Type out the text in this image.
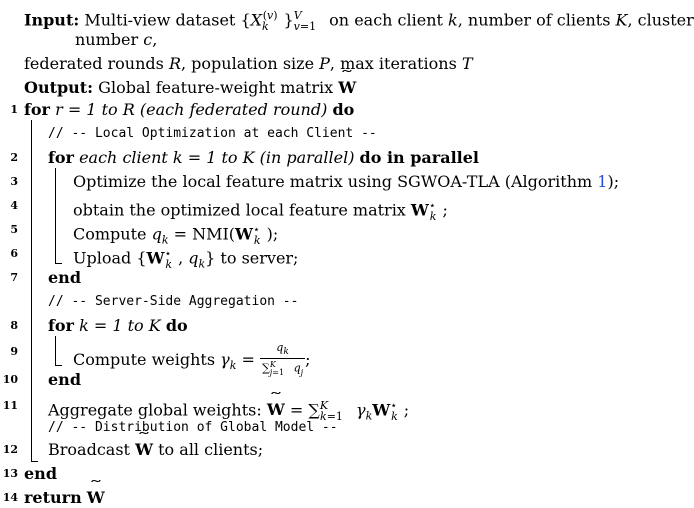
Input: Multi-view dataset {$X_k^{(v)}$ }$^V_{v=1}$ on each client k, number of clients K, cluster
number c,
federated rounds R, population size P, max iterations T
Output: Global feature-weight matrix ˜ W
1
2
3
4
5
6
7
8
9
10
11
12
13
14
for r = 1 to R (each federated round) do
// -- Local Optimization at each Client --
for each client k = 1 to K (in parallel) do in parallel
Optimize the local feature matrix using SGWOA-TLA (Algorithm 1);
obtain the optimized local feature matrix $W^⋆_k$ ;
Compute $q_k = NMI(W^⋆_k$ );
Upload {$W^⋆_k$ , $q_k$} to server;
end
// -- Server-Side Aggregation --
for k = 1 to K do
Compute weights $\gamma_k = \frac{q_k}{\sum^K_{j=1} q_j}$ ;
end
Aggregate global weights: ˜ W = ∑$^K_{k=1}$ $\gamma_kW^⋆_k$ ;
// -- Distribution of Global Model --
Broadcast ˜ W to all clients;
end
return ˜ W
